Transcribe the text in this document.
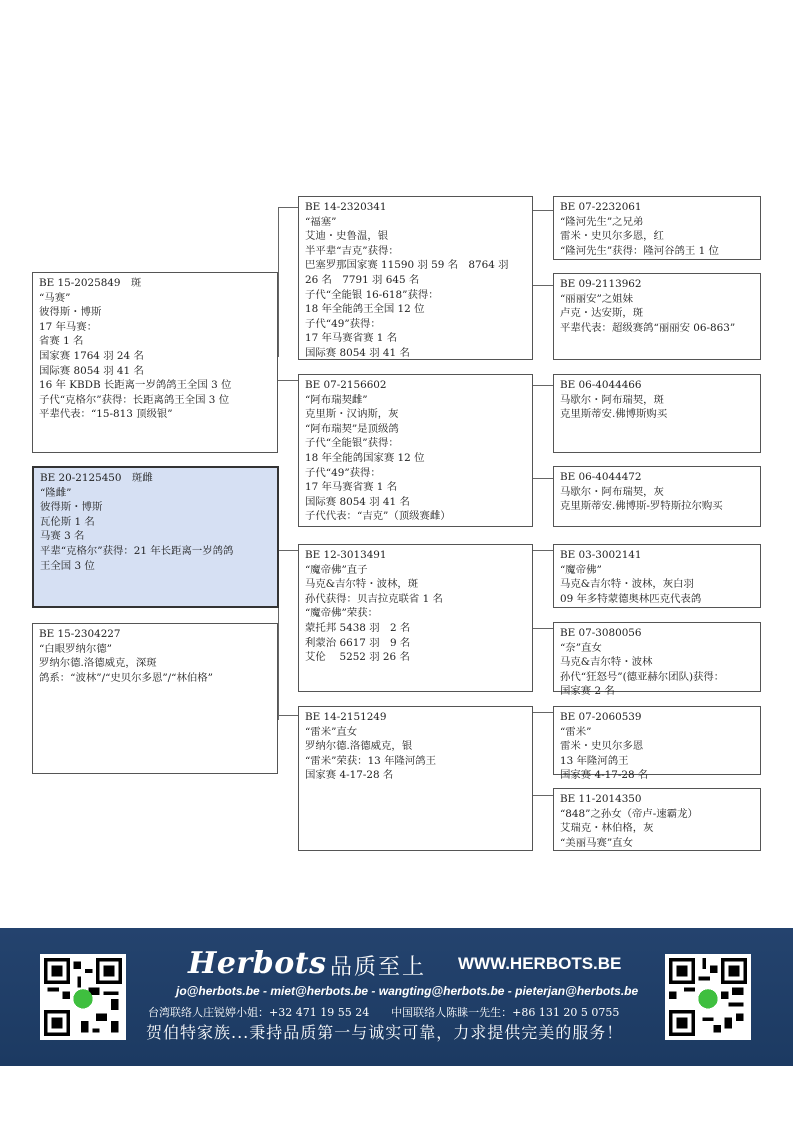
BE 15-2025849　斑
“马赛”
彼得斯・博斯
17 年马赛：
省赛 1 名
国家赛 1764 羽 24 名
国际赛 8054 羽 41 名
16 年 KBDB 长距离一岁鸽鸽王全国 3 位
子代“克格尔”获得：长距离鸽王全国 3 位
平辈代表：“15-813 顶级银”
BE 20-2125450　斑雌
“隆雌”
彼得斯・博斯
瓦伦斯 1 名
马赛 3 名
平辈“克格尔”获得：21 年长距离一岁鸽鸽
王全国 3 位
BE 15-2304227
“白眼罗纳尔德”
罗纳尔德.洛德威克，深斑
鸽系：“波林”/“史贝尔多恩”/“林伯格”
BE 14-2320341
“福塞”
艾迪・史鲁温，银
半平辈“吉克”获得：
巴塞罗那国家赛 11590 羽 59 名　8764 羽
26 名　7791 羽 645 名
子代“全能银 16-618”获得：
18 年全能鸽王全国 12 位
子代“49”获得：
17 年马赛省赛 1 名
国际赛 8054 羽 41 名
BE 07-2156602
“阿布瑞契雌”
克里斯・汉讷斯，灰
“阿布瑞契”是顶级鸽
子代“全能银”获得：
18 年全能鸽国家赛 12 位
子代“49”获得：
17 年马赛省赛 1 名
国际赛 8054 羽 41 名
子代代表：“吉克”（顶级赛雌）
BE 12-3013491
“魔帝佛”直子
马克&吉尔特・波林，斑
孙代获得：贝吉拉克联省 1 名
“魔帝佛”荣获：
蒙托邦 5438 羽　2 名
利蒙治 6617 羽　9 名
艾伦　 5252 羽 26 名
BE 14-2151249
“雷米”直女
罗纳尔德.洛德威克，银
“雷米”荣获：13 年隆河鸽王
国家赛 4-17-28 名
BE 07-2232061
“隆河先生”之兄弟
雷米・史贝尔多恩，红
“隆河先生”获得：隆河谷鸽王 1 位
BE 09-2113962
“丽丽安”之姐妹
卢克・达安斯，斑
平辈代表：超级赛鸽“丽丽安 06-863”
BE 06-4044466
马歇尔・阿布瑞契，斑
克里斯蒂安.佛博斯购买
BE 06-4044472
马歇尔・阿布瑞契，灰
克里斯蒂安.佛博斯-罗特斯拉尔购买
BE 03-3002141
“魔帝佛”
马克&吉尔特・波林，灰白羽
09 年多特蒙德奥林匹克代表鸽
BE 07-3080056
“奈”直女
马克&吉尔特・波林
孙代“狂怒号”(德亚赫尔团队)获得：
国家赛 2 名
BE 07-2060539
“雷米”
雷米・史贝尔多恩
13 年隆河鸽王
国家赛 4-17-28 名
BE 11-2014350
“848”之孙女（帝卢-速霸龙）
艾瑞克・林伯格，灰
“美丽马赛”直女
Herbots 品质至上 WWW.HERBOTS.BE
jo@herbots.be - miet@herbots.be - wangting@herbots.be - pieterjan@herbots.be
台湾联络人庄锐婷小姐：+32 471 19 55 24　　中国联络人陈睐一先生：+86 131 20 5 0755
贺伯特家族...秉持品质第一与诚实可靠，力求提供完美的服务！
